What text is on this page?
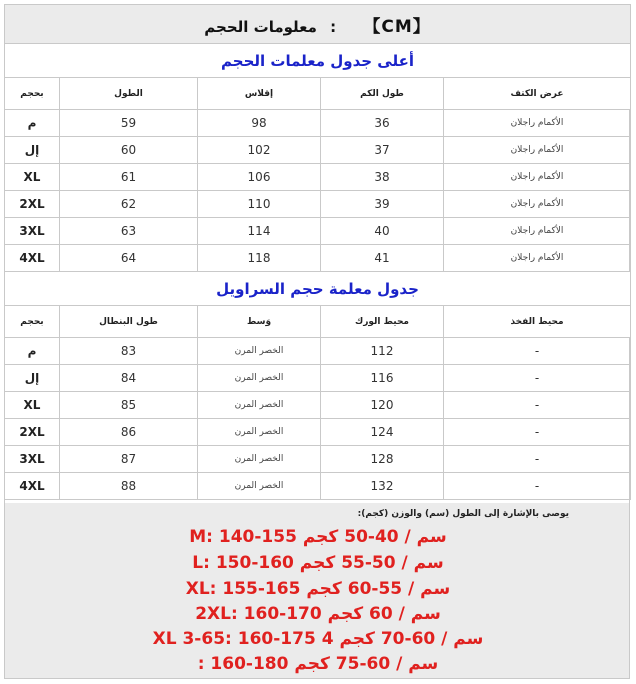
معلومات الحجم : 【CM】				
أعلى جدول معلمات الحجم				
بحجم	الطول	إقلاس	طول الكم	عرض الكتف
م	59	98	36	الأكمام راجلان
إل	60	102	37	الأكمام راجلان
XL	61	106	38	الأكمام راجلان
2XL	62	110	39	الأكمام راجلان
3XL	63	114	40	الأكمام راجلان
4XL	64	118	41	الأكمام راجلان
جدول معلمة حجم السراويل				
بحجم	طول البنطال	وَسط	محيط الورك	محيط الفخذ
م	83	الخصر المرن	112	-
إل	84	الخصر المرن	116	-
XL	85	الخصر المرن	120	-
2XL	86	الخصر المرن	124	-
3XL	87	الخصر المرن	128	-
4XL	88	الخصر المرن	132	-
يوصى بالإشارة إلى الطول (سم) والوزن (كجم):
M: 140-155 سم / 40-50 كجم
L: 150-160 سم / 50-55 كجم
XL: 155-165 سم / 55-60 كجم
2XL: 160-170 سم / 60 كجم
XL 3-65: 160-175 سم / 60-70 كجم 4
: 160-180 سم / 60-75 كجم
